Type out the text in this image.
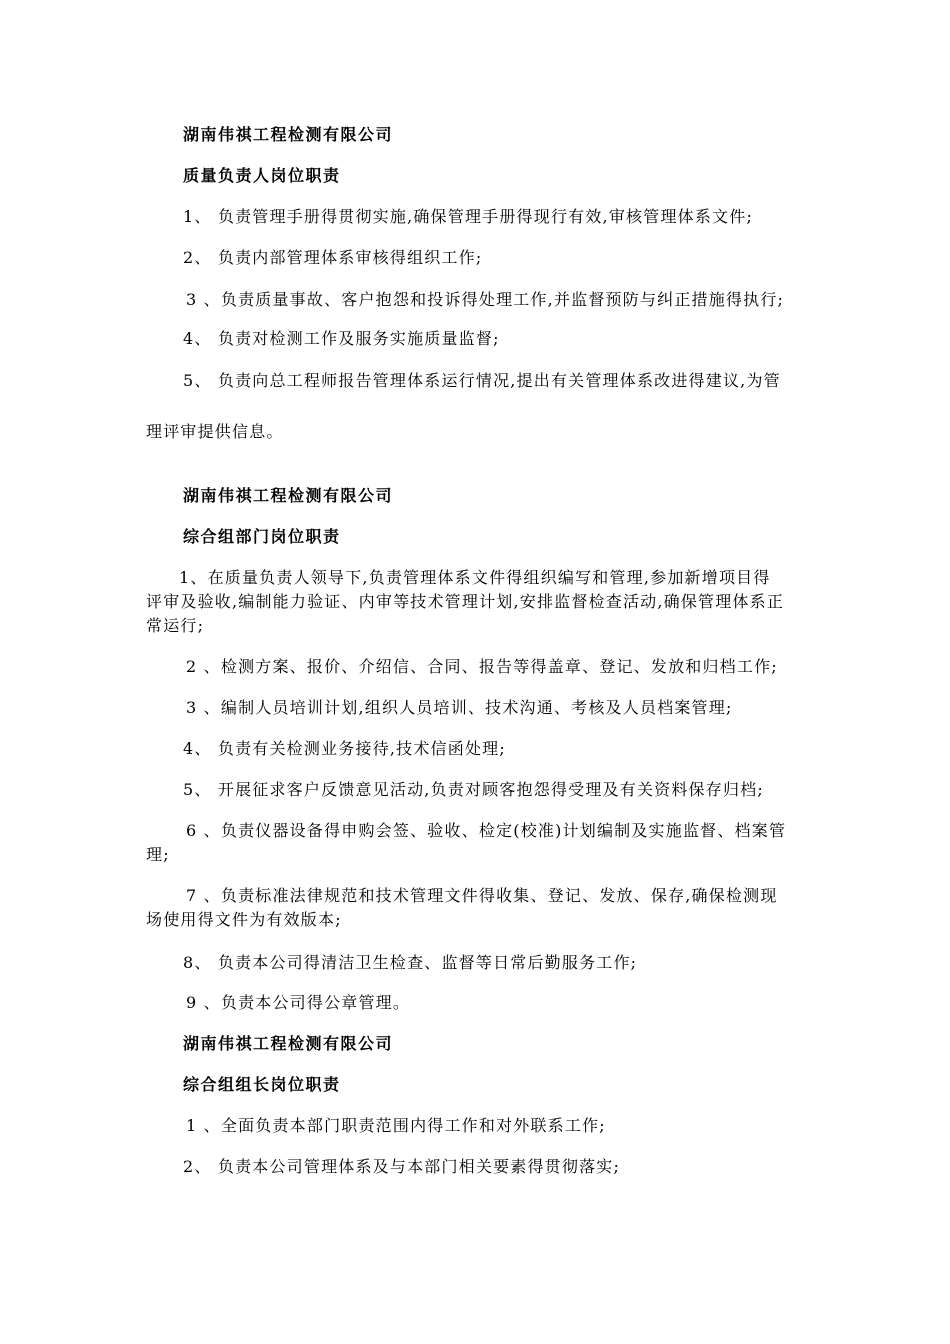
湖南伟祺工程检测有限公司
质量负责人岗位职责
1、 负责管理手册得贯彻实施,确保管理手册得现行有效,审核管理体系文件;
2、 负责内部管理体系审核得组织工作;
3 、负责质量事故、客户抱怨和投诉得处理工作,并监督预防与纠正措施得执行;
4、 负责对检测工作及服务实施质量监督;
5、 负责向总工程师报告管理体系运行情况,提出有关管理体系改进得建议,为管
理评审提供信息。
湖南伟祺工程检测有限公司
综合组部门岗位职责
1、在质量负责人领导下,负责管理体系文件得组织编写和管理,参加新增项目得
评审及验收,编制能力验证、内审等技术管理计划,安排监督检查活动,确保管理体系正
常运行;
2 、检测方案、报价、介绍信、合同、报告等得盖章、登记、发放和归档工作;
3 、编制人员培训计划,组织人员培训、技术沟通、考核及人员档案管理;
4、 负责有关检测业务接待,技术信函处理;
5、 开展征求客户反馈意见活动,负责对顾客抱怨得受理及有关资料保存归档;
6 、负责仪器设备得申购会签、验收、检定(校准)计划编制及实施监督、档案管
理;
7 、负责标准法律规范和技术管理文件得收集、登记、发放、保存,确保检测现
场使用得文件为有效版本;
8、 负责本公司得清洁卫生检查、监督等日常后勤服务工作;
9 、负责本公司得公章管理。
湖南伟祺工程检测有限公司
综合组组长岗位职责
1 、全面负责本部门职责范围内得工作和对外联系工作;
2、 负责本公司管理体系及与本部门相关要素得贯彻落实;
